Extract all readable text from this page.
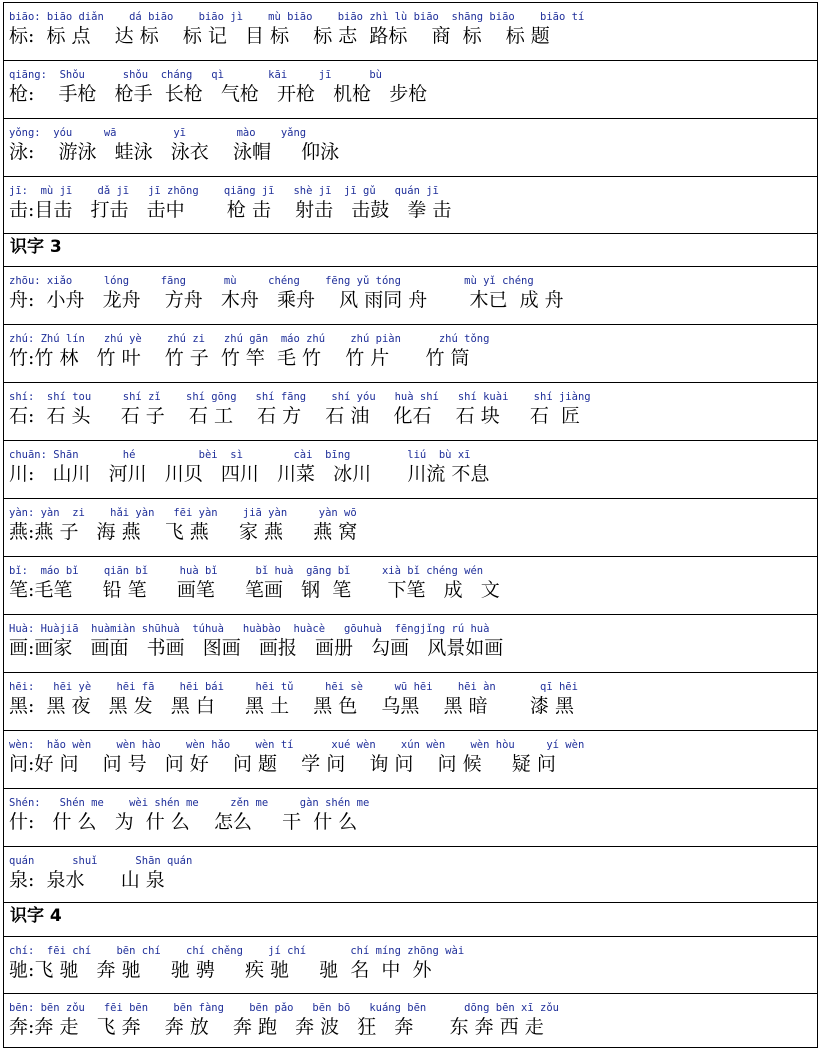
biāo: biāo diǎn    dá biāo    biāo jì    mù biāo    biāo zhì lù biāo  shāng biāo    biāo tí
标:  标 点    达 标    标 记   目 标    标 志  路标    商  标    标 题
qiāng:  Shǒu      shǒu  cháng   qì       kāi     jī      bù
枪:    手枪   枪手  长枪   气枪   开枪   机枪   步枪
yǒng:  yóu     wā         yī        mào    yǎng
泳:    游泳   蛙泳   泳衣    泳帽     仰泳
jī:  mù jī    dǎ jī   jī zhōng    qiāng jī   shè jī  jī gǔ   quán jī
击:目击   打击   击中       枪 击    射击   击鼓   拳 击
识字 3
zhōu: xiǎo     lóng     fāng      mù     chéng    fēng yǔ tóng          mù yǐ chéng
舟:  小舟   龙舟    方舟   木舟   乘舟    风 雨同 舟       木已  成 舟
zhú: Zhú lín   zhú yè    zhú zi   zhú gān  máo zhú    zhú piàn      zhú tǒng
竹:竹 林   竹 叶    竹 子  竹 竿  毛 竹    竹 片      竹 筒
shí:  shí tou     shí zǐ    shí gōng   shí fāng    shí yóu   huà shí   shí kuài    shí jiàng
石:  石 头     石 子    石 工    石 方    石 油    化石    石 块     石  匠
chuān: Shān       hé          bèi  sì        cài  bīng         liú  bù xī
川:   山川   河川   川贝   四川   川菜   冰川      川流 不息
yàn: yàn  zi    hǎi yàn   fēi yàn    jiā yàn     yàn wō
燕:燕 子   海 燕    飞 燕     家 燕     燕 窝
bǐ:  máo bǐ    qiān bǐ     huà bǐ      bǐ huà  gāng bǐ     xià bǐ chéng wén
笔:毛笔     铅 笔     画笔     笔画   钢  笔      下笔   成   文
Huà: Huàjiā  huàmiàn shūhuà  túhuà   huàbào  huàcè   gōuhuà  fēngjǐng rú huà
画:画家   画面   书画   图画   画报   画册   勾画   风景如画
hēi:   hēi yè    hēi fā    hēi bái     hēi tǔ     hēi sè     wū hēi    hēi àn       qī hēi
黑:  黑 夜   黑 发   黑 白     黑 土    黑 色    乌黑    黑 暗       漆 黑
wèn:  hǎo wèn    wèn hào    wèn hǎo    wèn tí      xué wèn    xún wèn    wèn hòu     yí wèn
问:好 问    问 号   问 好    问 题    学 问    询 问    问 候     疑 问
Shén:   Shén me    wèi shén me     zěn me     gàn shén me
什:   什 么   为  什 么    怎么     干  什 么
quán      shuǐ      Shān quán
泉:  泉水      山 泉
识字 4
chí:  fēi chí    bēn chí    chí chěng    jí chí       chí míng zhōng wài
驰:飞 驰   奔 驰     驰 骋     疾 驰     驰  名  中  外
bēn: bēn zǒu   fēi bēn    bēn fàng    bēn pǎo   bēn bō   kuáng bēn      dōng bēn xī zǒu
奔:奔 走   飞 奔    奔 放    奔 跑   奔 波   狂   奔      东 奔 西 走
